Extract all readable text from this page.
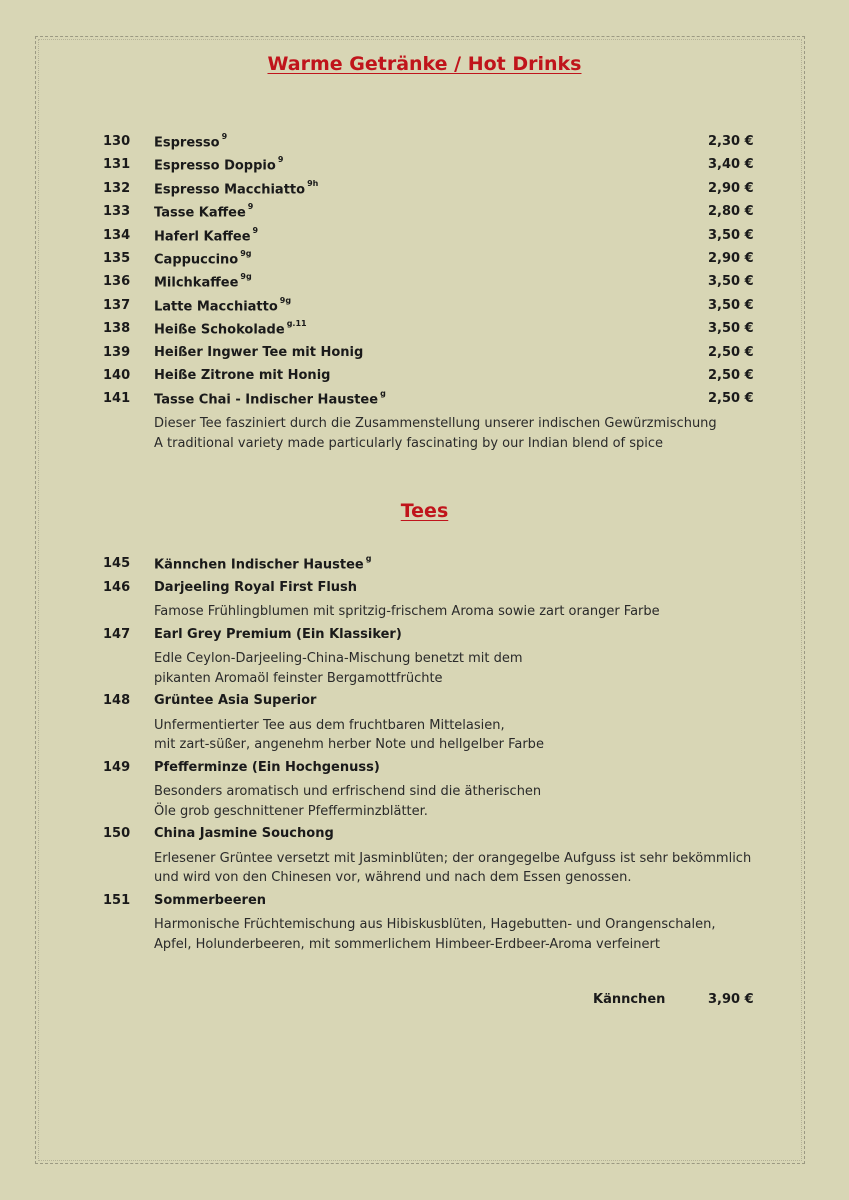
Warme Getränke / Hot Drinks
130 Espresso $^9$	2,30 €
131 Espresso Doppio $^9$	3,40 €
132 Espresso Macchiatto $^{9h}$	2,90 €
133 Tasse Kaffee $^9$	2,80 €
134 Haferl Kaffee $^9$	3,50 €
135 Cappuccino $^{9g}$	2,90 €
136 Milchkaffee $^{9g}$	3,50 €
137 Latte Macchiatto $^{9g}$	3,50 €
138 Heiße Schokolade $^{g.11}$	3,50 €
139 Heißer Ingwer Tee mit Honig	2,50 €
140 Heiße Zitrone mit Honig	2,50 €
141 Tasse Chai - Indischer Haustee $^g$	2,50 €
Dieser Tee fasziniert durch die Zusammenstellung unserer indischen Gewürzmischung
A traditional variety made particularly fascinating by our Indian blend of spice
Tees
145 Kännchen Indischer Haustee $^g$
146 Darjeeling Royal First Flush
Famose Frühlingblumen mit spritzig-frischem Aroma sowie zart oranger Farbe
147 Earl Grey Premium (Ein Klassiker)
Edle Ceylon-Darjeeling-China-Mischung benetzt mit dem
pikanten Aromaöl feinster Bergamottfrüchte
148 Grüntee Asia Superior
Unfermentierter Tee aus dem fruchtbaren Mittelasien,
mit zart-süßer, angenehm herber Note und hellgelber Farbe
149 Pfefferminze (Ein Hochgenuss)
Besonders aromatisch und erfrischend sind die ätherischen
Öle grob geschnittener Pfefferminzblätter.
150 China Jasmine Souchong
Erlesener Grüntee versetzt mit Jasminblüten; der orangegelbe Aufguss ist sehr bekömmlich
und wird von den Chinesen vor, während und nach dem Essen genossen.
151 Sommerbeeren
Harmonische Früchtemischung aus Hibiskusblüten, Hagebutten- und Orangenschalen,
Apfel, Holunderbeeren, mit sommerlichem Himbeer-Erdbeer-Aroma verfeinert
Kännchen	3,90 €
